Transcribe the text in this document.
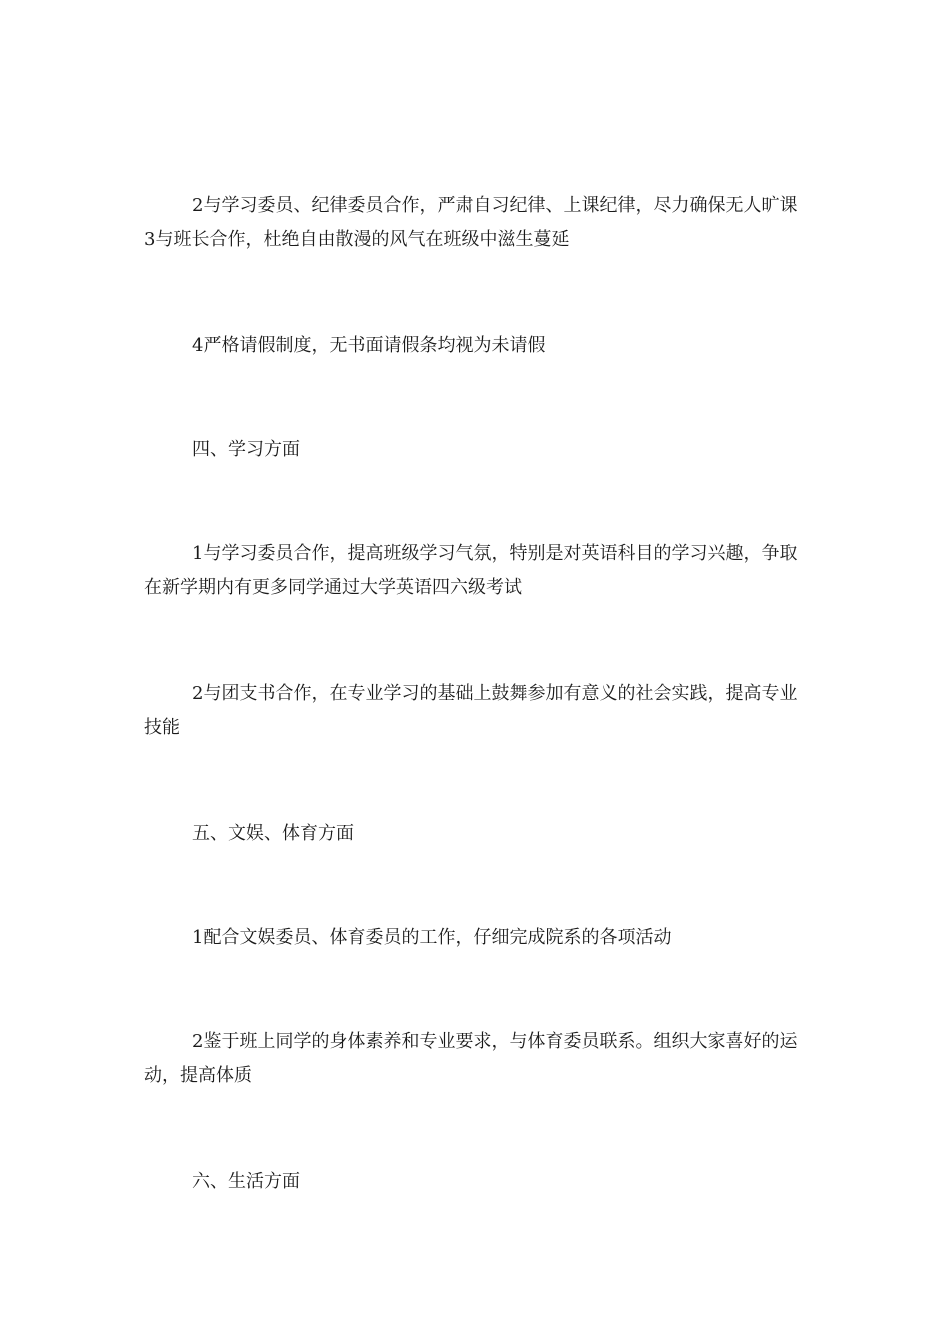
2与学习委员、纪律委员合作，严肃自习纪律、上课纪律，尽力确保无人旷课 3与班长合作，杜绝自由散漫的风气在班级中滋生蔓延

4严格请假制度，无书面请假条均视为未请假

四、学习方面

1与学习委员合作，提高班级学习气氛，特别是对英语科目的学习兴趣，争取在新学期内有更多同学通过大学英语四六级考试

2与团支书合作，在专业学习的基础上鼓舞参加有意义的社会实践，提高专业技能

五、文娱、体育方面

1配合文娱委员、体育委员的工作，仔细完成院系的各项活动

2鉴于班上同学的身体素养和专业要求，与体育委员联系。组织大家喜好的运动，提高体质

六、生活方面
